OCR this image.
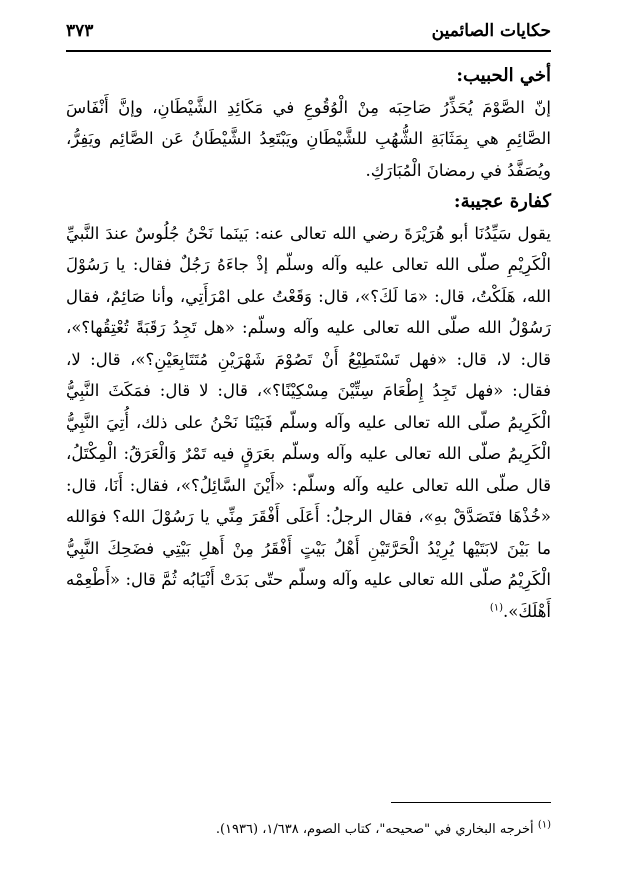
٣٧٣	حكايات الصائمين
أخي الحبيب:

إنّ الصَّوْمَ يُحَذِّرُ صَاحِبَه مِنْ الْوُقُوعِ في مَكَائِدِ الشَّيْطَانِ، وإنَّ أَنْفَاسَ الصَّائِمِ هي بِمَثَابَةِ الشُّهُبِ للشَّيْطَانِ ويَبْتَعِدُ الشَّيْطَانُ عَن الصَّائِم ويَفِرُّ، ويُصَفَّدُ في رمضانَ الْمُبَارَكِ.

كفارة عجيبة:

يقول سَيِّدُنَا أبو هُرَيْرَةَ رضي الله تعالى عنه: بَينَما نَحْنُ جُلُوسٌ عندَ النَّبيِّ الْكَرِيْمِ صلّى الله تعالى عليه وآله وسلّم إذْ جاءَهُ رَجُلٌ فقال: يا رَسُوْلَ الله، هَلَكْتُ، قال: «مَا لَكَ؟»، قال: وَقَعْتُ على امْرَأَتِي، وأنا صَائِمٌ، فقال رَسُوْلُ الله صلّى الله تعالى عليه وآله وسلّم: «هل تَجِدُ رَقَبَةً تُعْتِقُها؟»، قال: لا، قال: «فهل تَسْتَطِيْعُ أَنْ تَصُوْمَ شَهْرَيْنِ مُتَتَابِعَيْنِ؟»، قال: لا، فقال: «فهل تَجِدُ إِطْعَامَ سِتِّيْنَ مِسْكِيْنًا؟»، قال: لا قال: فمَكَثَ النَّبِيُّ الْكَرِيمُ صلّى الله تعالى عليه وآله وسلّم فَبَيْنَا نَحْنُ على ذلك، أُتِيَ النَّبِيُّ الْكَرِيمُ صلّى الله تعالى عليه وآله وسلّم بعَرَقٍ فيه تَمْرٌ وَالْعَرَقُ: الْمِكْتَلُ، قال صلّى الله تعالى عليه وآله وسلّم: «أَيْنَ السَّائِلُ؟»، فقال: أَنَا، قال: «خُذْهَا فتَصَدَّقْ بهِ»، فقال الرجلُ: أَعَلَى أَفْقَرَ مِنِّي يا رَسُوْلَ الله؟ فوَالله ما بَيْنَ لابَتَيْها يُرِيْدُ الْحَرَّتَيْنِ أَهْلُ بَيْتٍ أَفْقَرُ مِنْ أَهلِ بَيْتِي فضَحِكَ النَّبِيُّ الْكَرِيْمُ صلّى الله تعالى عليه وآله وسلّم حتّى بَدَتْ أَنْيَابُه ثُمَّ قال: «أَطْعِمْه أَهْلَكَ».$^{(١)}$

$^{(١)}$ أخرجه البخاري في "صحيحه"، كتاب الصوم، ١/٦٣٨، (١٩٣٦).
